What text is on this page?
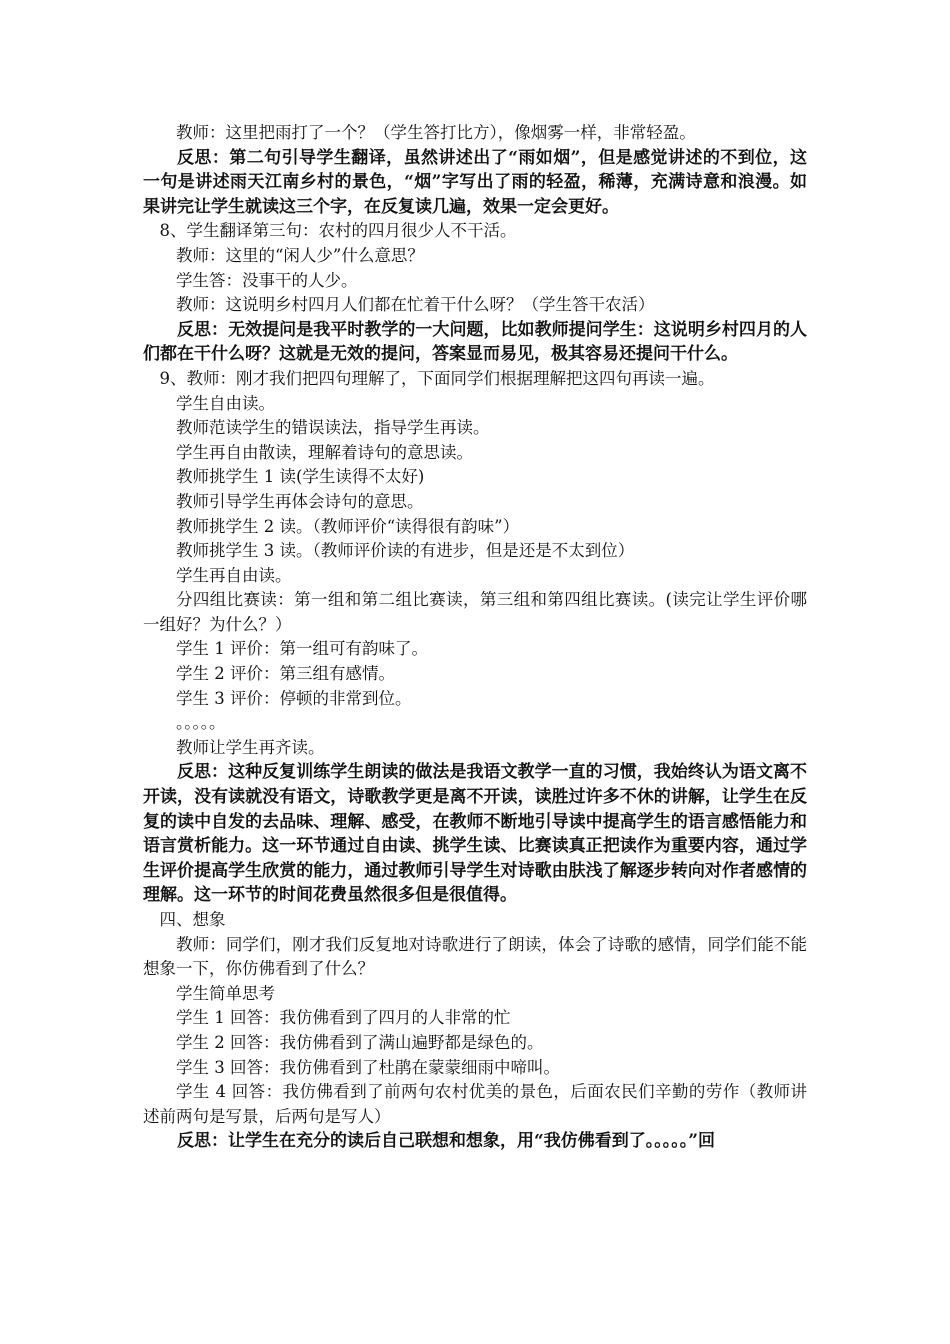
教师：这里把雨打了一个？（学生答打比方），像烟雾一样，非常轻盈。

反思：第二句引导学生翻译，虽然讲述出了“雨如烟”，但是感觉讲述的不到位，这一句是讲述雨天江南乡村的景色，“烟”字写出了雨的轻盈，稀薄，充满诗意和浪漫。如果讲完让学生就读这三个字，在反复读几遍，效果一定会更好。

8、学生翻译第三句：农村的四月很少人不干活。

教师：这里的“闲人少”什么意思？

学生答：没事干的人少。

教师：这说明乡村四月人们都在忙着干什么呀？（学生答干农活）

反思：无效提问是我平时教学的一大问题，比如教师提问学生：这说明乡村四月的人们都在干什么呀？这就是无效的提问，答案显而易见，极其容易还提问干什么。

9、教师：刚才我们把四句理解了，下面同学们根据理解把这四句再读一遍。

学生自由读。

教师范读学生的错误读法，指导学生再读。

学生再自由散读，理解着诗句的意思读。

教师挑学生 1 读(学生读得不太好)

教师引导学生再体会诗句的意思。

教师挑学生 2 读。（教师评价“读得很有韵味”）

教师挑学生 3 读。（教师评价读的有进步，但是还是不太到位）

学生再自由读。

分四组比赛读：第一组和第二组比赛读，第三组和第四组比赛读。(读完让学生评价哪一组好？为什么？）

学生 1 评价：第一组可有韵味了。

学生 2 评价：第三组有感情。

学生 3 评价：停顿的非常到位。

。。。。。

教师让学生再齐读。

反思：这种反复训练学生朗读的做法是我语文教学一直的习惯，我始终认为语文离不开读，没有读就没有语文，诗歌教学更是离不开读，读胜过许多不休的讲解，让学生在反复的读中自发的去品味、理解、感受，在教师不断地引导读中提高学生的语言感悟能力和语言赏析能力。这一环节通过自由读、挑学生读、比赛读真正把读作为重要内容，通过学生评价提高学生欣赏的能力，通过教师引导学生对诗歌由肤浅了解逐步转向对作者感情的理解。这一环节的时间花费虽然很多但是很值得。

四、想象

教师：同学们，刚才我们反复地对诗歌进行了朗读，体会了诗歌的感情，同学们能不能想象一下，你仿佛看到了什么？

学生简单思考

学生 1 回答：我仿佛看到了四月的人非常的忙

学生 2 回答：我仿佛看到了满山遍野都是绿色的。

学生 3 回答：我仿佛看到了杜鹃在蒙蒙细雨中啼叫。

学生 4 回答：我仿佛看到了前两句农村优美的景色，后面农民们辛勤的劳作（教师讲述前两句是写景，后两句是写人）

反思：让学生在充分的读后自己联想和想象，用“我仿佛看到了。。。。。”回
